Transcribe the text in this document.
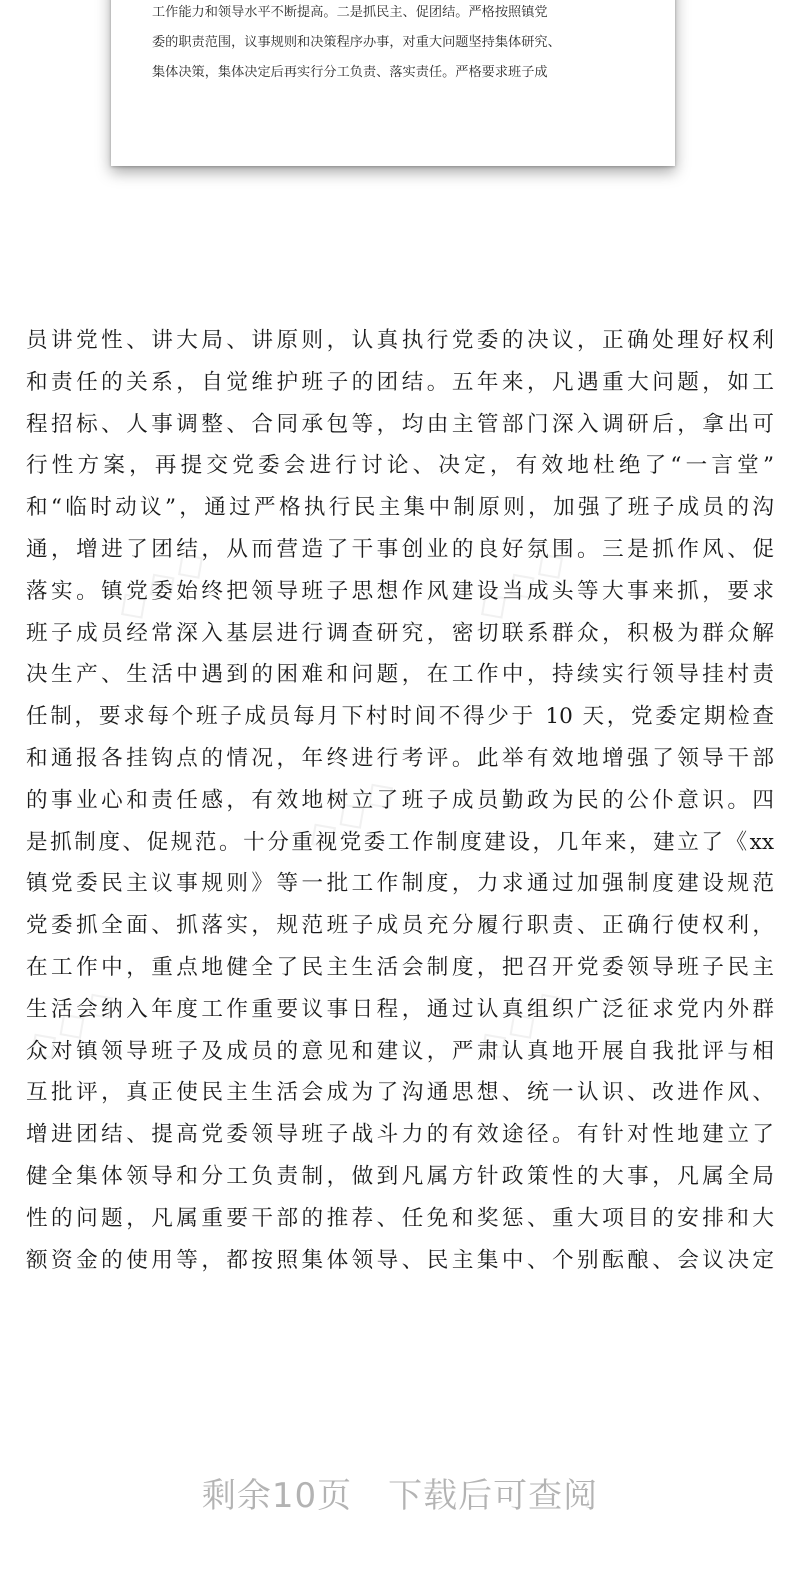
工作能力和领导水平不断提高。二是抓民主、促团结。严格按照镇党
委的职责范围，议事规则和决策程序办事，对重大问题坚持集体研究、
集体决策，集体决定后再实行分工负责、落实责任。严格要求班子成
◇◇◇	◇◇◇
◇◇◇
◇◇◇	◇◇◇
员讲党性、讲大局、讲原则，认真执行党委的决议，正确处理好权利
和责任的关系，自觉维护班子的团结。五年来，凡遇重大问题，如工
程招标、人事调整、合同承包等，均由主管部门深入调研后，拿出可
行性方案，再提交党委会进行讨论、决定，有效地杜绝了“一言堂”
和“临时动议”，通过严格执行民主集中制原则，加强了班子成员的沟
通，增进了团结，从而营造了干事创业的良好氛围。三是抓作风、促
落实。镇党委始终把领导班子思想作风建设当成头等大事来抓，要求
班子成员经常深入基层进行调查研究，密切联系群众，积极为群众解
决生产、生活中遇到的困难和问题，在工作中，持续实行领导挂村责
任制，要求每个班子成员每月下村时间不得少于 10 天，党委定期检查
和通报各挂钩点的情况，年终进行考评。此举有效地增强了领导干部
的事业心和责任感，有效地树立了班子成员勤政为民的公仆意识。四
是抓制度、促规范。十分重视党委工作制度建设，几年来，建立了《xx
镇党委民主议事规则》等一批工作制度，力求通过加强制度建设规范
党委抓全面、抓落实，规范班子成员充分履行职责、正确行使权利，
在工作中，重点地健全了民主生活会制度，把召开党委领导班子民主
生活会纳入年度工作重要议事日程，通过认真组织广泛征求党内外群
众对镇领导班子及成员的意见和建议，严肃认真地开展自我批评与相
互批评，真正使民主生活会成为了沟通思想、统一认识、改进作风、
增进团结、提高党委领导班子战斗力的有效途径。有针对性地建立了
健全集体领导和分工负责制，做到凡属方针政策性的大事，凡属全局
性的问题，凡属重要干部的推荐、任免和奖惩、重大项目的安排和大
额资金的使用等，都按照集体领导、民主集中、个别酝酿、会议决定
剩余10页 下载后可查阅
